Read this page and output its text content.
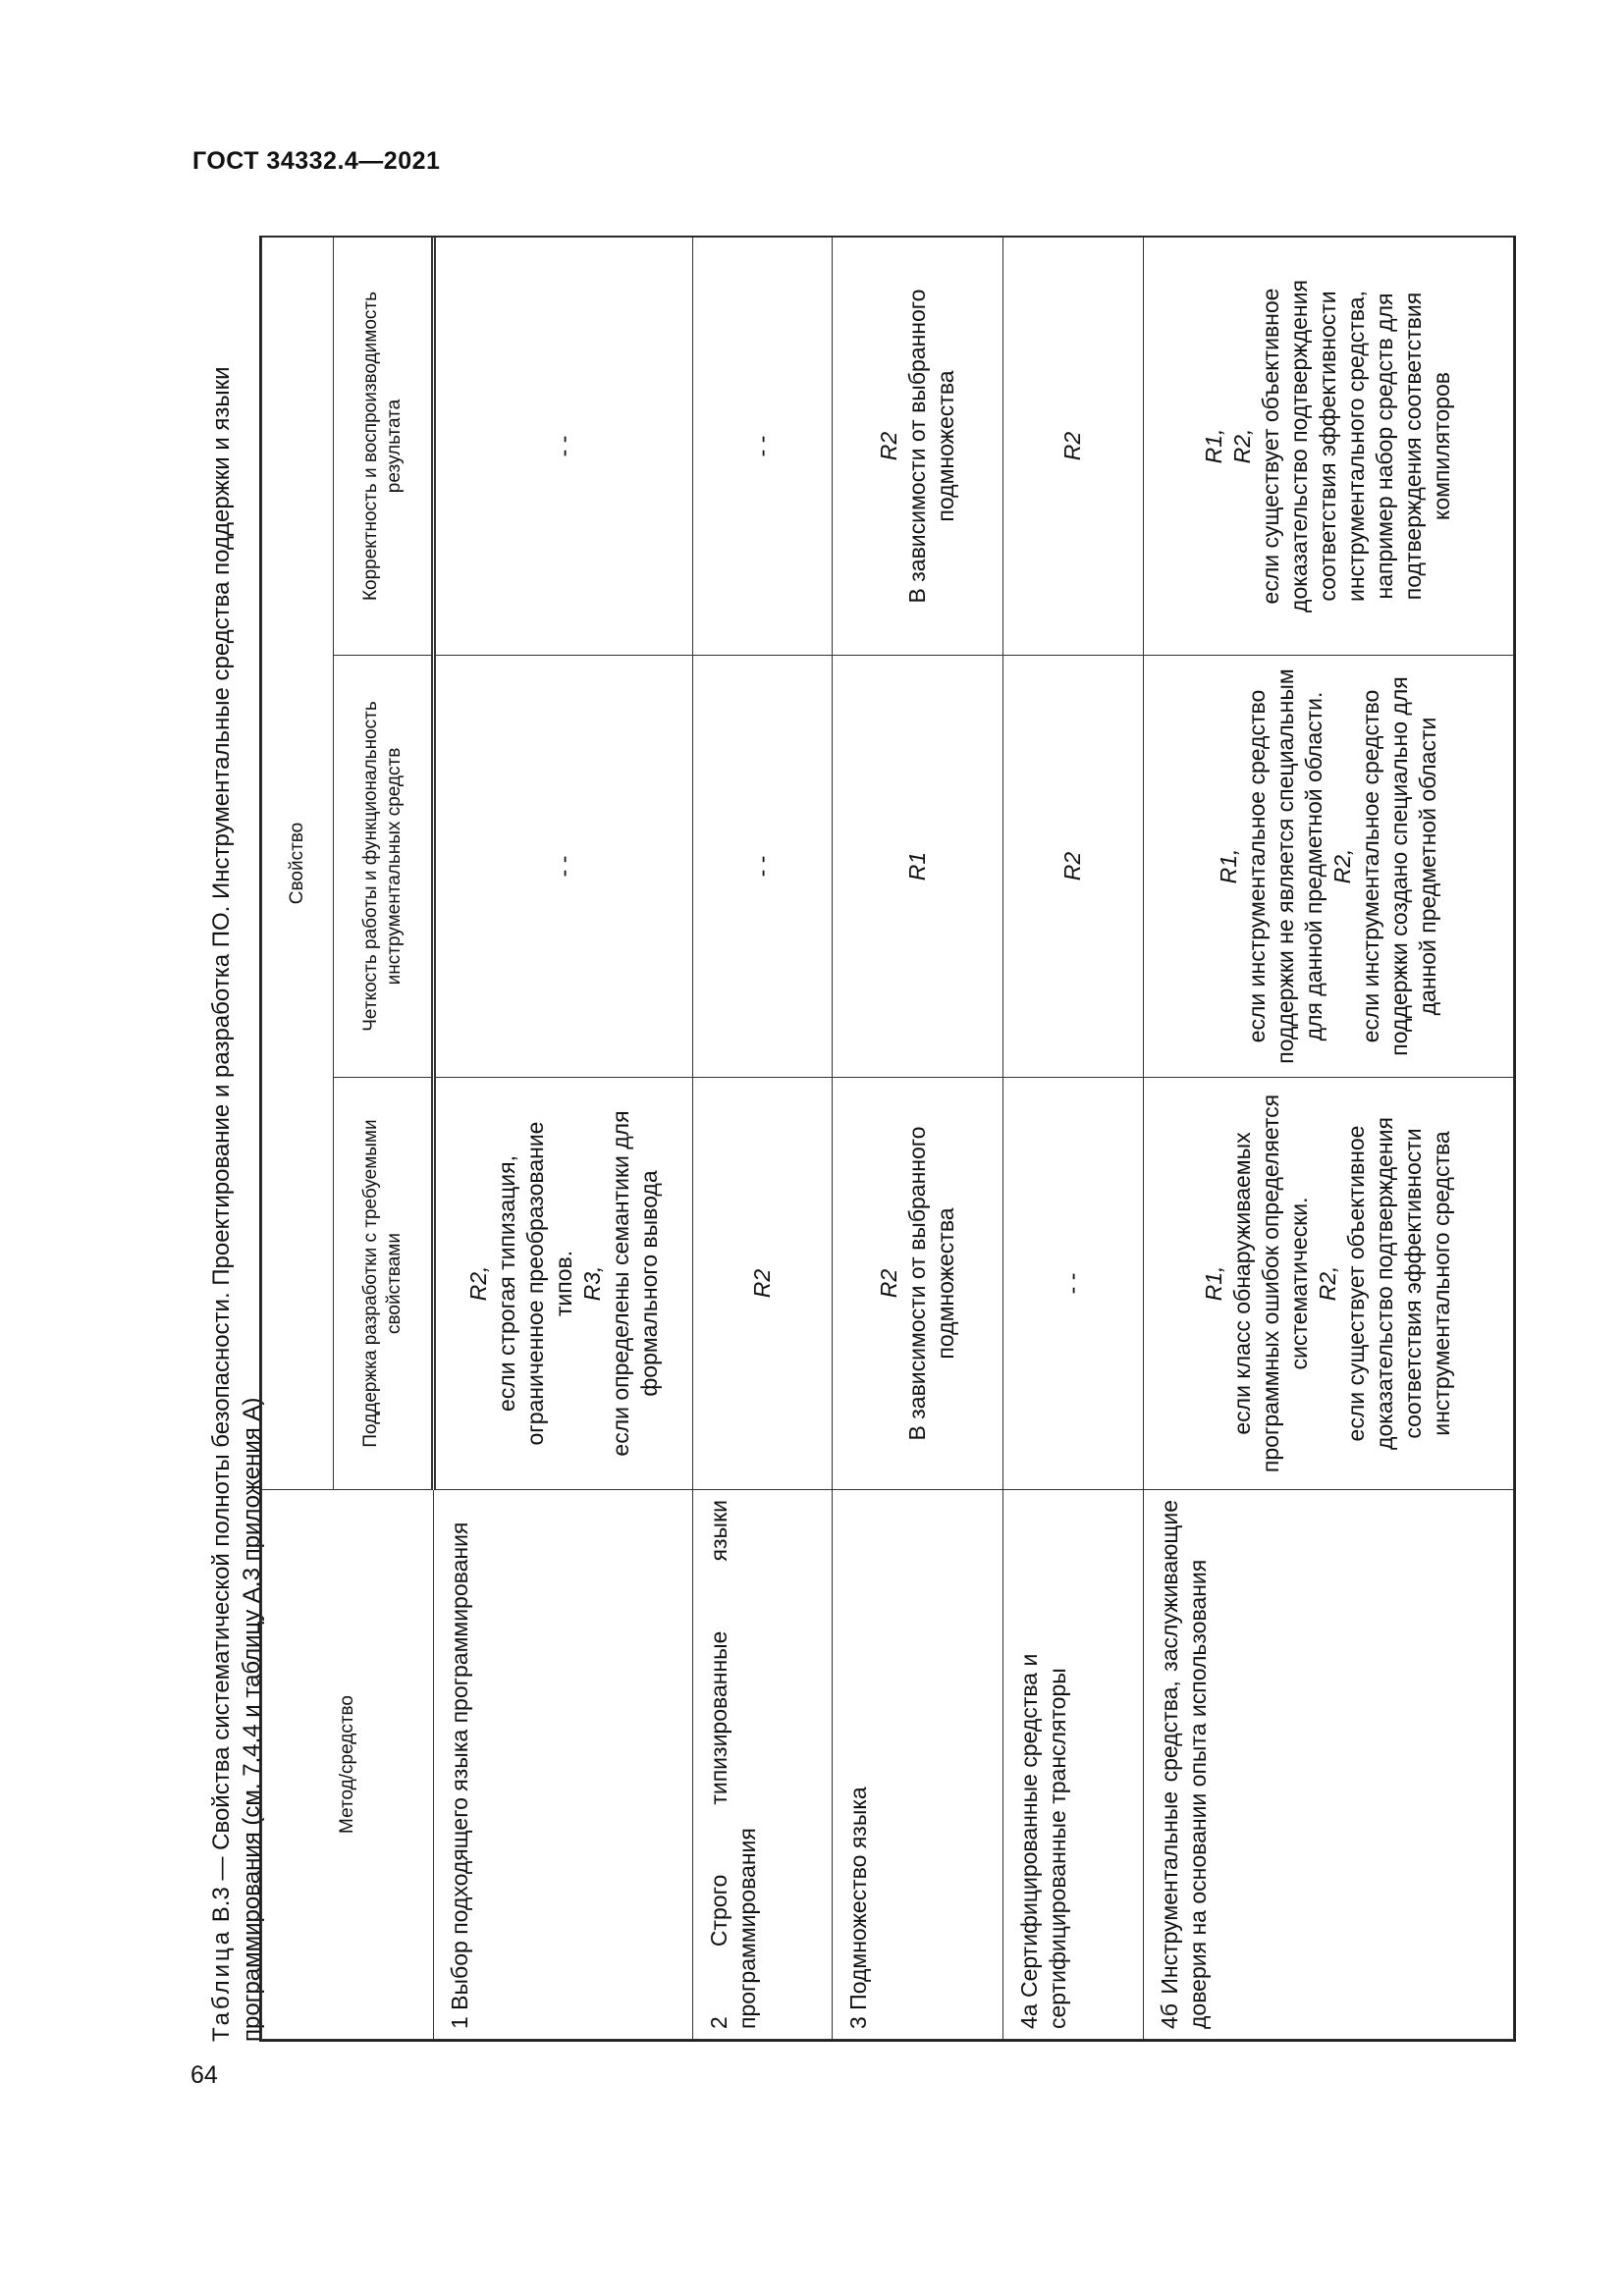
ГОСТ 34332.4—2021
64
Таблица В.3 — Свойства систематической полноты безопасности. Проектирование и разработка ПО. Инструментальные средства поддержки и языки программирования (см. 7.4.4 и таблицу А.3 приложения А)	Метод/средство	Свойство		
	Поддержка разработки с требуемыми свойствами	Четкость работы и функциональность инструментальных средств	Корректность и воспроизводимость результата
1 Выбор подходящего языка программирования	R2, если строгая типизация, ограниченное преобразование типов. R3, если определены семантики для формального вывода	- -	- -
2 Строго типизированные языки программирования	R2	- -	- -
3 Подмножество языка	R2 В зависимости от выбранного подмножества	R1	R2 В зависимости от выбранного подмножества

4а Сертифицированные средства и сертифицированные трансляторы	- -	R2	R2
4б Инструментальные средства, заслуживающие доверия на основании опыта использования	R1, если класс обнаруживаемых программных ошибок определяется систематически. R2, если существует объективное доказательство подтверждения соответствия эффективности инструментального средства	R1, если инструментальное средство поддержки не является специальным для данной предметной области. R2, если инструментальное средство поддержки создано специально для данной предметной области	R1, R2, если существует объективное доказательство подтверждения соответствия эффективности инструментального средства, например набор средств для подтверждения соответствия компиляторов
